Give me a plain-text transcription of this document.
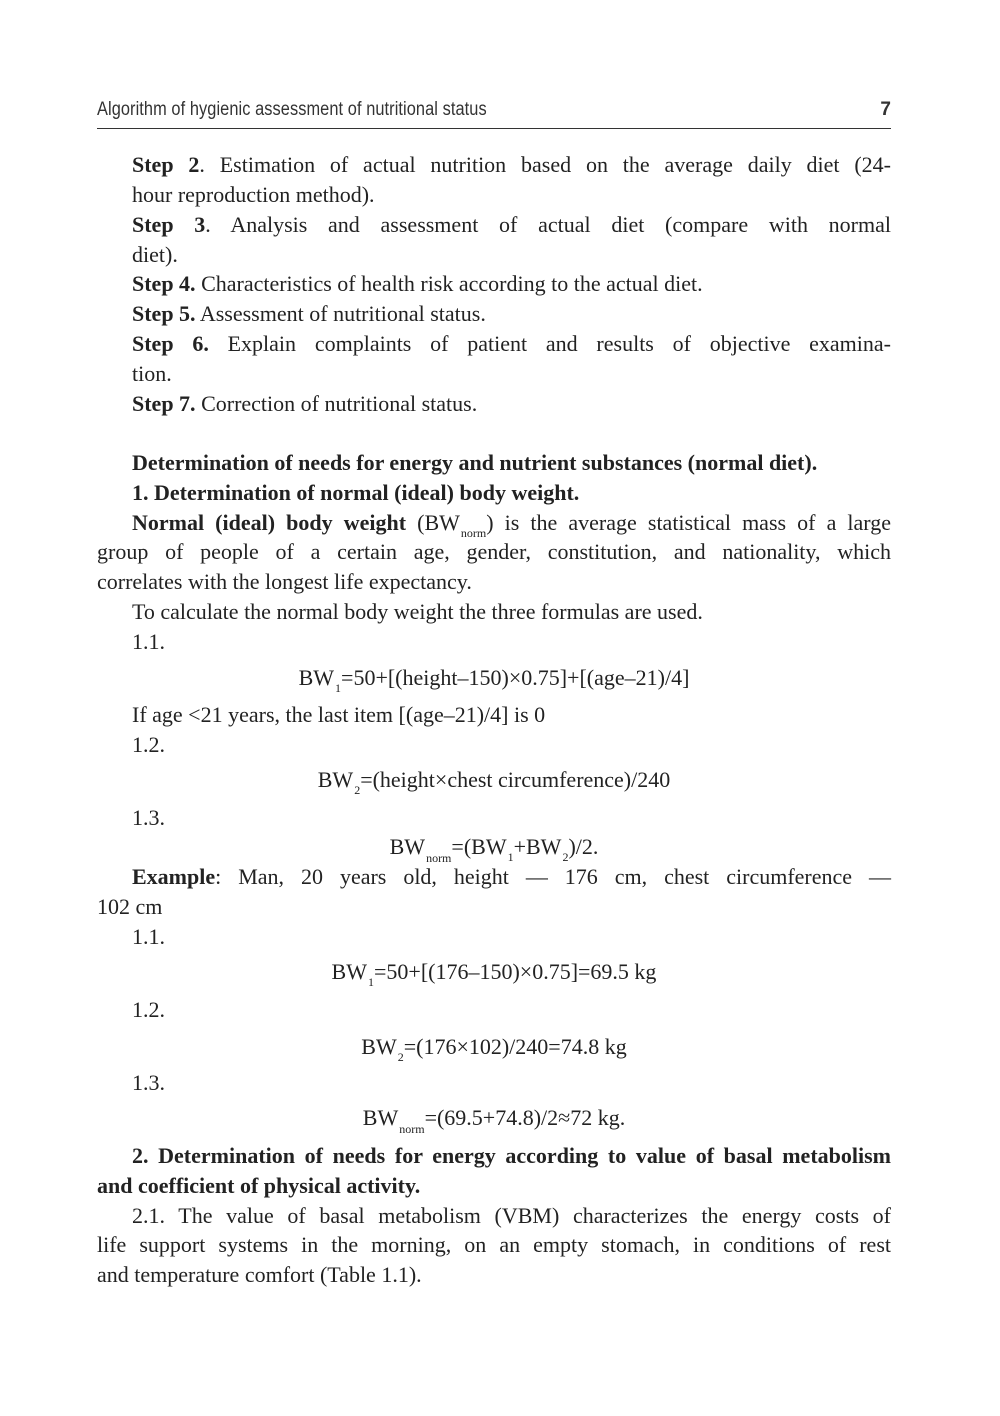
Algorithm of hygienic assessment of nutritional status	7

Step 2. Estimation of actual nutrition based on the average daily diet (24-

hour reproduction method).

Step 3. Analysis and assessment of actual diet (compare with normal

diet).

Step 4. Characteristics of health risk according to the actual diet.

Step 5. Assessment of nutritional status.

Step 6. Explain complaints of patient and results of objective examina-

tion.

Step 7. Correction of nutritional status.

Determination of needs for energy and nutrient substances (normal diet).

1. Determination of normal (ideal) body weight.

Normal (ideal) body weight $(BW_{norm})$ is the average statistical mass of a large

group of people of a certain age, gender, constitution, and nationality, which

correlates with the longest life expectancy.

To calculate the normal body weight the three formulas are used.

1.1.

$BW_1=50+[(height-150)\times 0.75]+[(age-21)/4]$

If age <21 years, the last item [(age–21)/4] is 0

1.2.

$BW_2=(height\times chest$ circumference)/240

1.3.

$BW_{norm}=(BW_1+BW_2)/2$.

Example: Man, 20 years old, height — 176 cm, chest circumference —

102 cm

1.1.

$BW_1=50+[(176-150)\times 0.75]=69.5$ kg

1.2.

$BW_2=(176\times 102)/240=74.8$ kg

1.3.

$BW_{norm}=(69.5+74.8)/2\approx 72$ kg.

2. Determination of needs for energy according to value of basal metabolism

and coefficient of physical activity.

2.1. The value of basal metabolism (VBM) characterizes the energy costs of

life support systems in the morning, on an empty stomach, in conditions of rest

and temperature comfort (Table 1.1).
